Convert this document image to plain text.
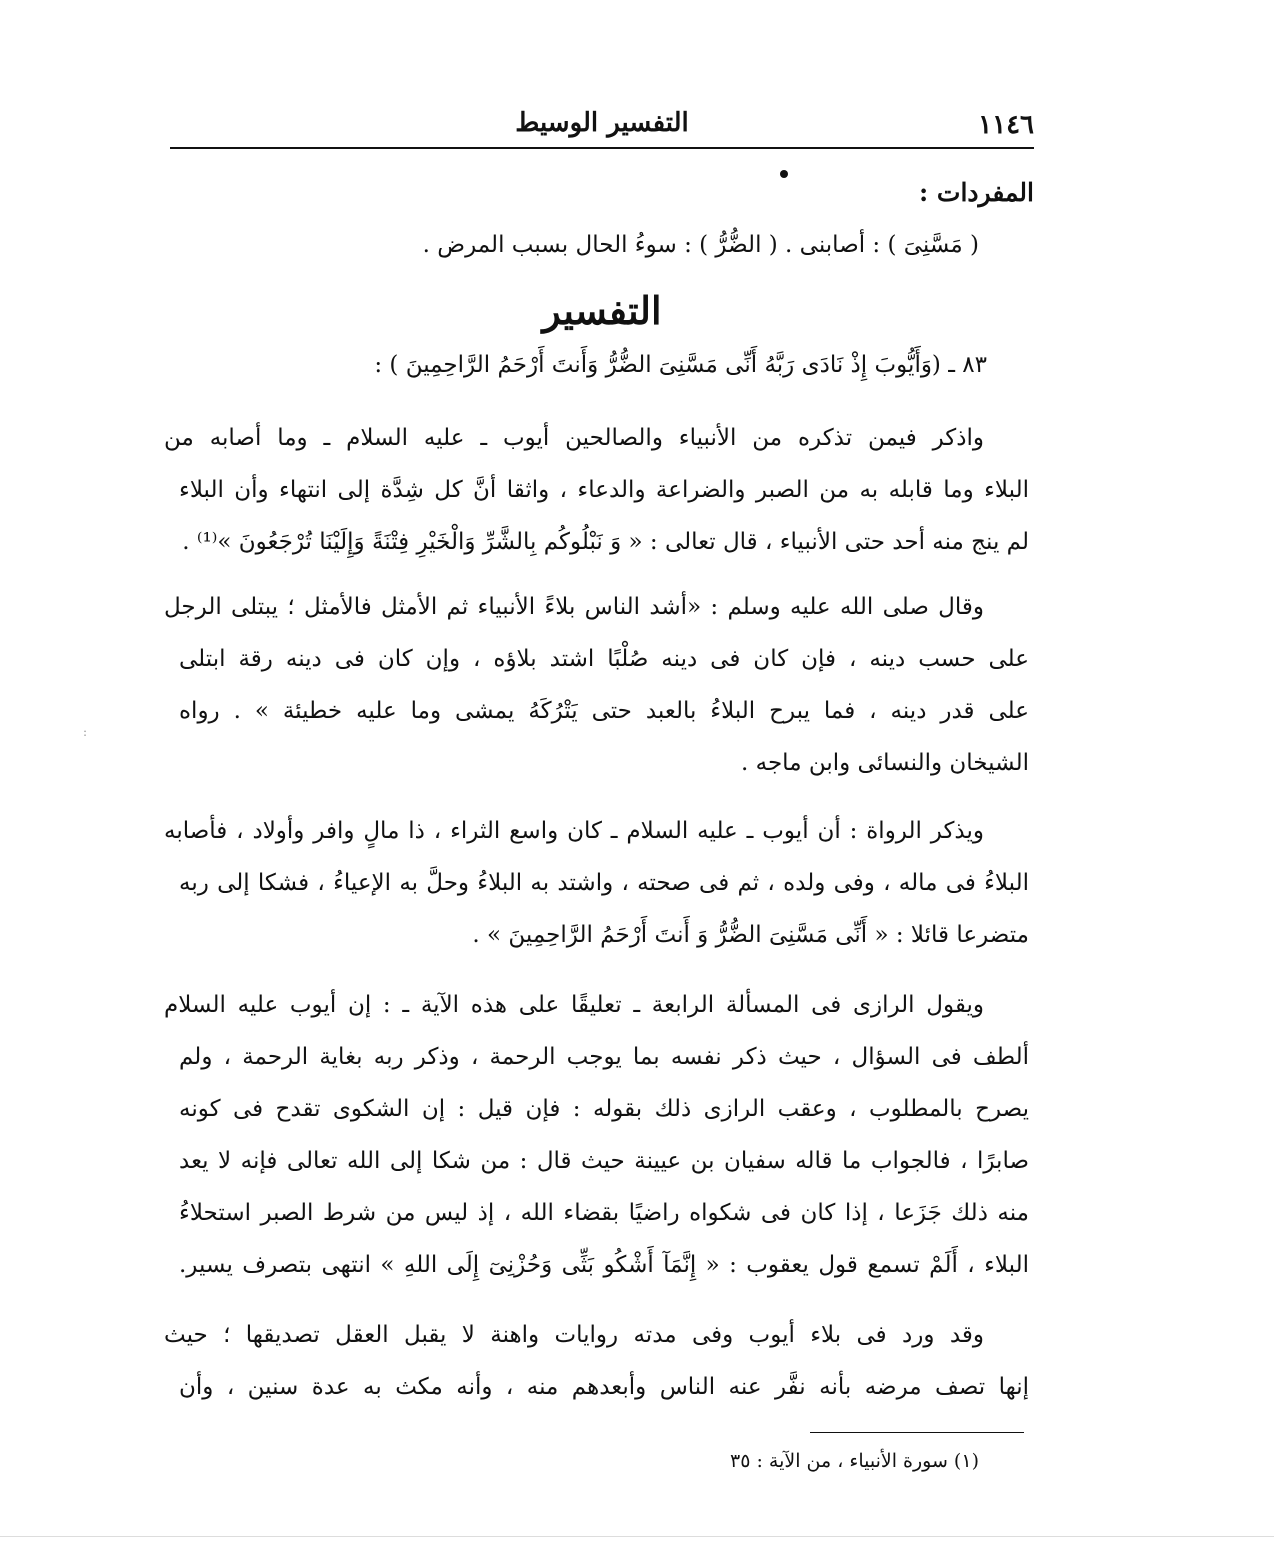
١١٤٦
التفسير الوسيط
المفردات :
( مَسَّنِىَ ) : أصابنى . ( الضُّرُّ ) : سوءُ الحال بسبب المرض .
التفسير
٨٣ ـ (وَأَيُّوبَ إِذْ نَادَى رَبَّهُ أَنِّى مَسَّنِىَ الضُّرُّ وَأَنتَ أَرْحَمُ الرَّاحِمِينَ ) :
واذكر فيمن تذكره من الأنبياء والصالحين أيوب ـ عليه السلام ـ وما أصابه من
البلاء وما قابله به من الصبر والضراعة والدعاء ، واثقا أنَّ كل شِدَّة إلى انتهاء وأن البلاء
لم ينج منه أحد حتى الأنبياء ، قال تعالى : « وَ نَبْلُوكُم بِالشَّرِّ وَالْخَيْرِ فِتْنَةً وَإِلَيْنَا تُرْجَعُونَ »⁽¹⁾ .
وقال صلى الله عليه وسلم : «أشد الناس بلاءً الأنبياء ثم الأمثل فالأمثل ؛ يبتلى الرجل
على حسب دينه ، فإن كان فى دينه صُلْبًا اشتد بلاؤه ، وإن كان فى دينه رقة ابتلى
على قدر دينه ، فما يبرح البلاءُ بالعبد حتى يَتْرُكَهُ يمشى وما عليه خطيئة » . رواه
الشيخان والنسائى وابن ماجه .
ويذكر الرواة : أن أيوب ـ عليه السلام ـ كان واسع الثراء ، ذا مالٍ وافر وأولاد ، فأصابه
البلاءُ فى ماله ، وفى ولده ، ثم فى صحته ، واشتد به البلاءُ وحلَّ به الإعياءُ ، فشكا إلى ربه
متضرعا قائلا : « أَنِّى مَسَّنِىَ الضُّرُّ وَ أَنتَ أَرْحَمُ الرَّاحِمِينَ » .
ويقول الرازى فى المسألة الرابعة ـ تعليقًا على هذه الآية ـ : إن أيوب عليه السلام
ألطف فى السؤال ، حيث ذكر نفسه بما يوجب الرحمة ، وذكر ربه بغاية الرحمة ، ولم
يصرح بالمطلوب ، وعقب الرازى ذلك بقوله : فإن قيل : إن الشكوى تقدح فى كونه
صابرًا ، فالجواب ما قاله سفيان بن عيينة حيث قال : من شكا إلى الله تعالى فإنه لا يعد
منه ذلك جَزَعا ، إذا كان فى شكواه راضيًا بقضاء الله ، إذ ليس من شرط الصبر استحلاءُ
البلاء ، أَلَمْ تسمع قول يعقوب : « إِنَّمَآ أَشْكُو بَثِّى وَحُزْنِىٓ إِلَى اللهِ » انتهى بتصرف يسير.
وقد ورد فى بلاء أيوب وفى مدته روايات واهنة لا يقبل العقل تصديقها ؛ حيث
إنها تصف مرضه بأنه نفَّر عنه الناس وأبعدهم منه ، وأنه مكث به عدة سنين ، وأن
(١) سورة الأنبياء ، من الآية : ٣٥
:
